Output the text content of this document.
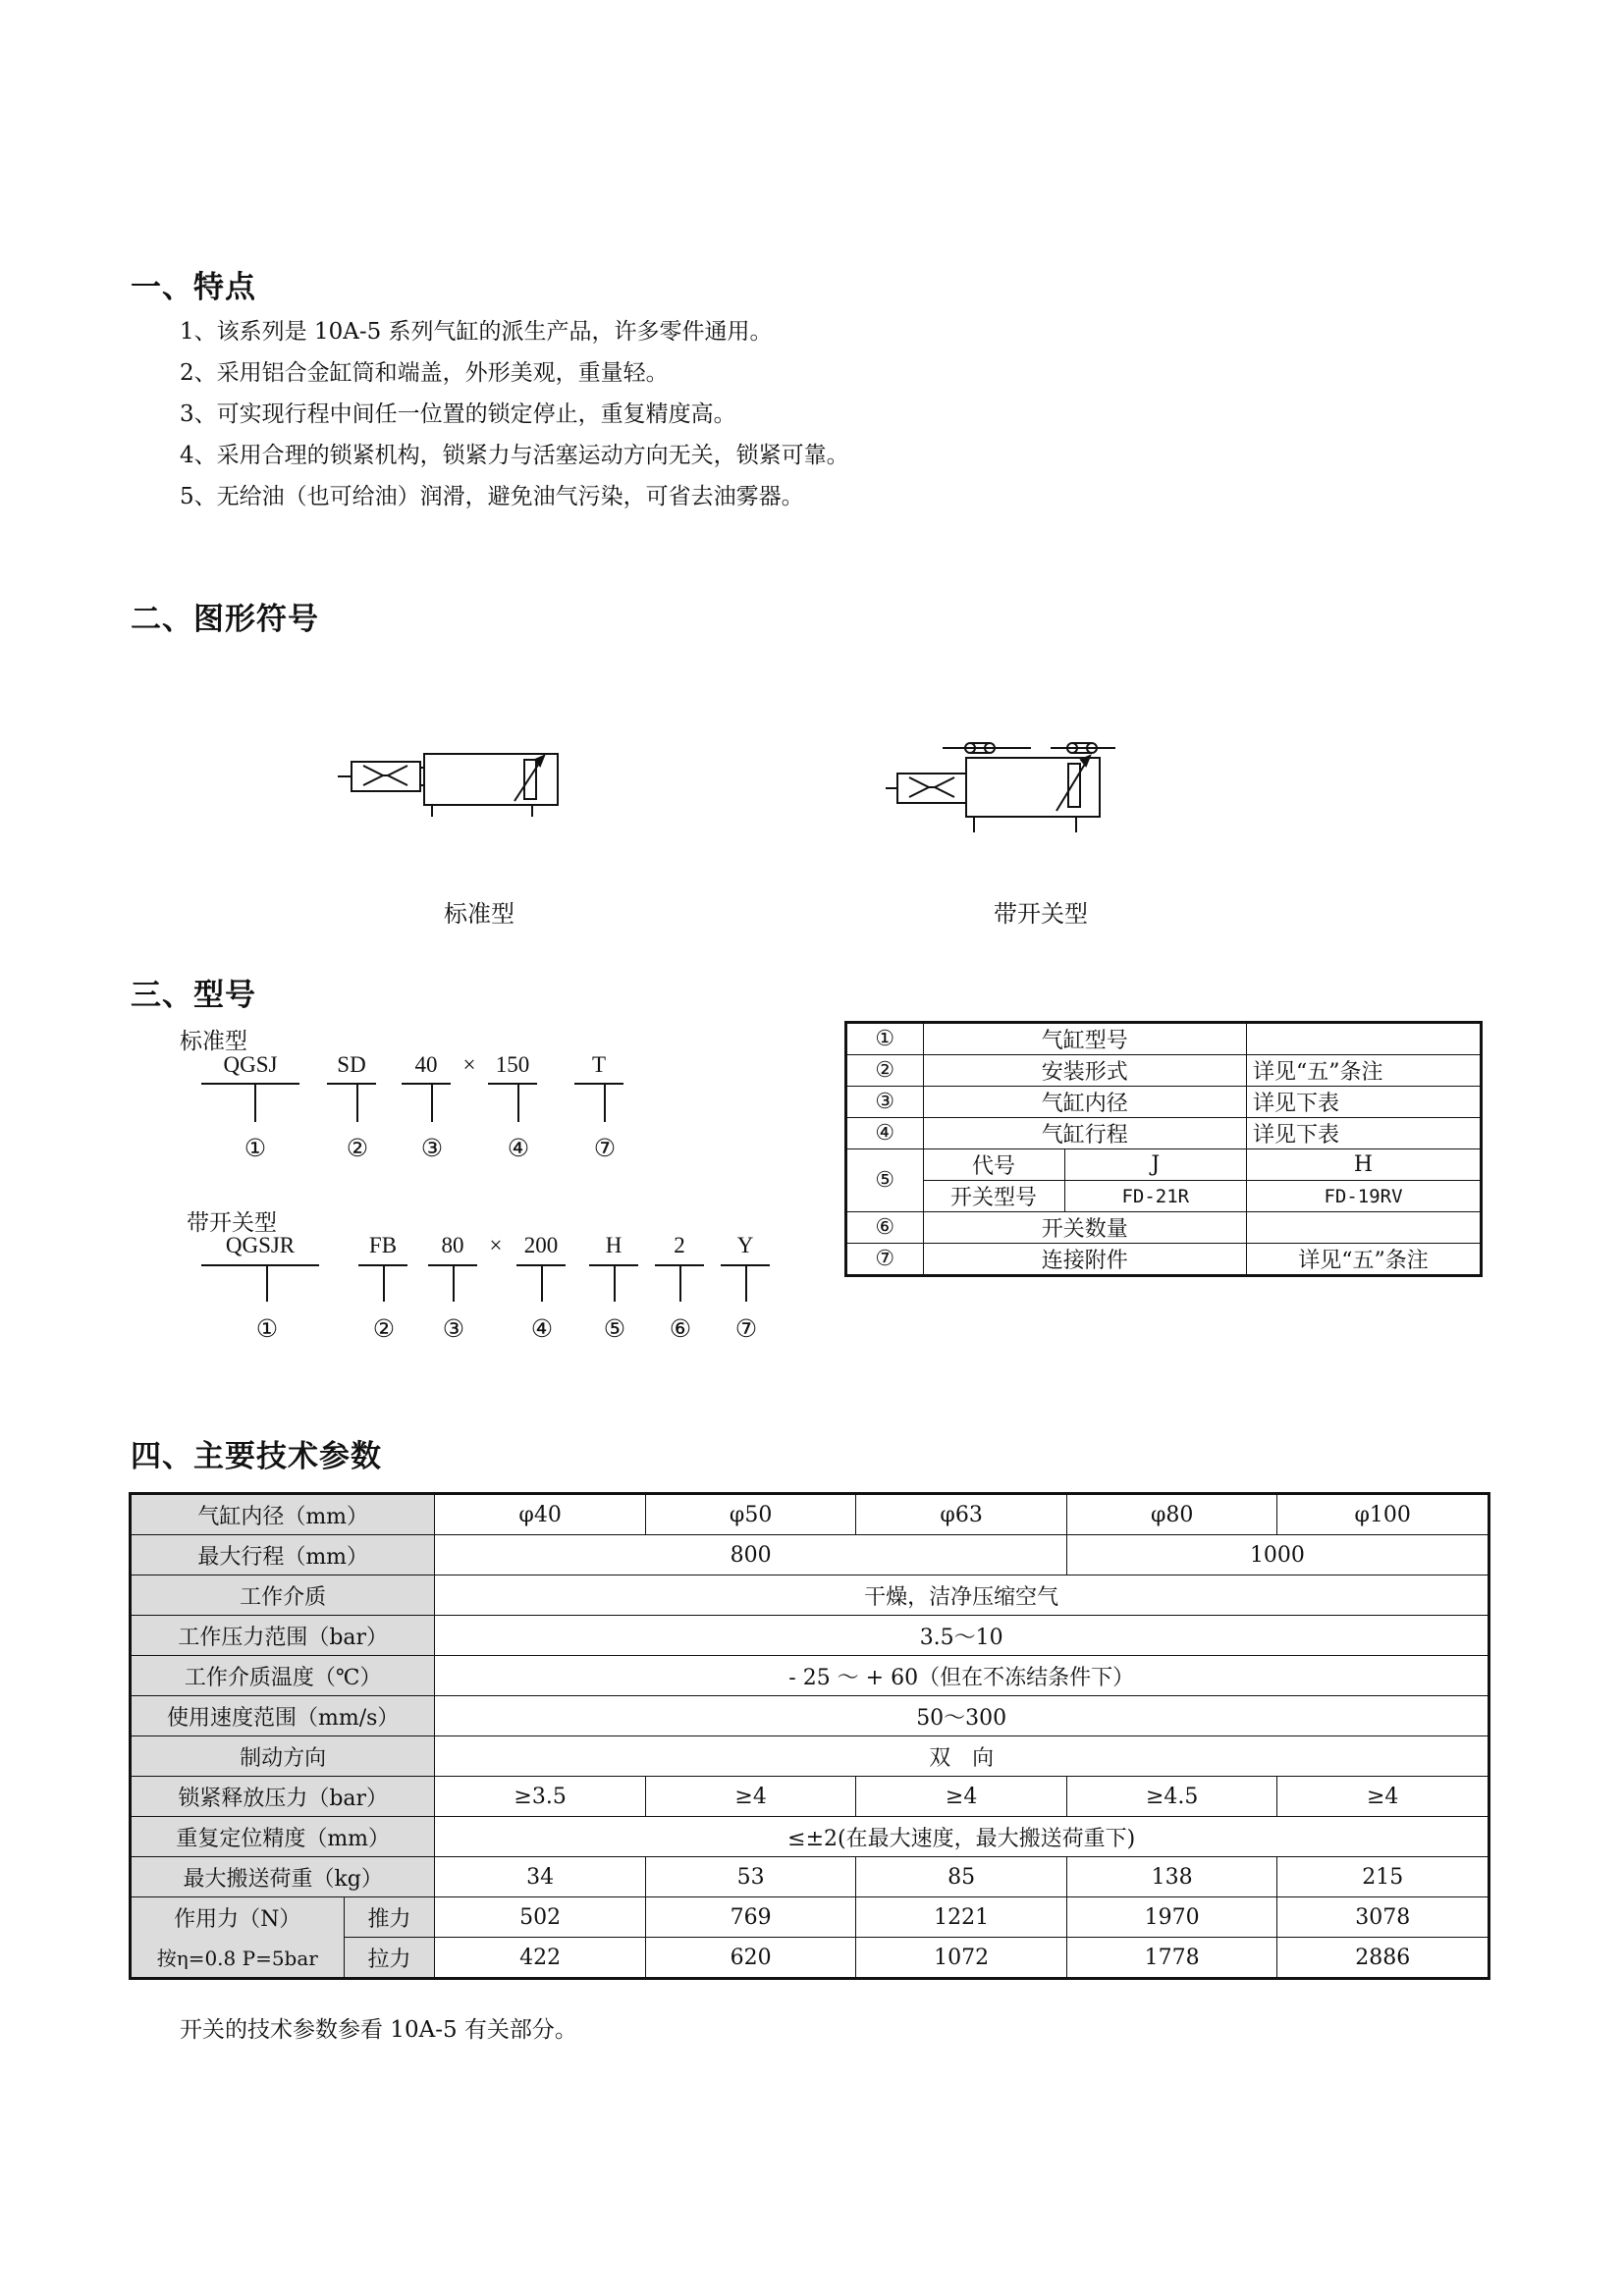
一、特点
1、该系列是 10A-5 系列气缸的派生产品，许多零件通用。
2、采用铝合金缸筒和端盖，外形美观，重量轻。
3、可实现行程中间任一位置的锁定停止，重复精度高。
4、采用合理的锁紧机构，锁紧力与活塞运动方向无关，锁紧可靠。
5、无给油（也可给油）润滑，避免油气污染，可省去油雾器。
二、图形符号
标准型	带开关型
三、型号
标准型
QGSJ	SD	40	× 150	T
①	②	③	④	⑦
带开关型
QGSJR	FB	80	× 200	H	2	Y
①	②	③	④	⑤	⑥	⑦
①	气缸型号		
②	安装形式		详见“五”条注
③	气缸内径		详见下表
④	气缸行程		详见下表
⑤	代号	J	H
	开关型号	FD-21R	FD-19RV
⑥	开关数量		
⑦	连接附件		详见“五”条注
四、主要技术参数
气缸内径（mm）		φ40	φ50	φ63	φ80	φ100
最大行程（mm）		800			1000	
工作介质		干燥，洁净压缩空气				
工作压力范围（bar）		3.5～10				
工作介质温度（℃）		- 25 ～ + 60（但在不冻结条件下）				
使用速度范围（mm/s）		50～300				
制动方向		双　向				
锁紧释放压力（bar）		≥3.5	≥4	≥4	≥4.5	≥4
重复定位精度（mm）		≤±2(在最大速度，最大搬送荷重下)				
最大搬送荷重（kg）		34	53	85	138	215
作用力（N）	推力	502	769	1221	1970	3078
按η=0.8 P=5bar	拉力	422	620	1072	1778	2886
开关的技术参数参看 10A-5 有关部分。
